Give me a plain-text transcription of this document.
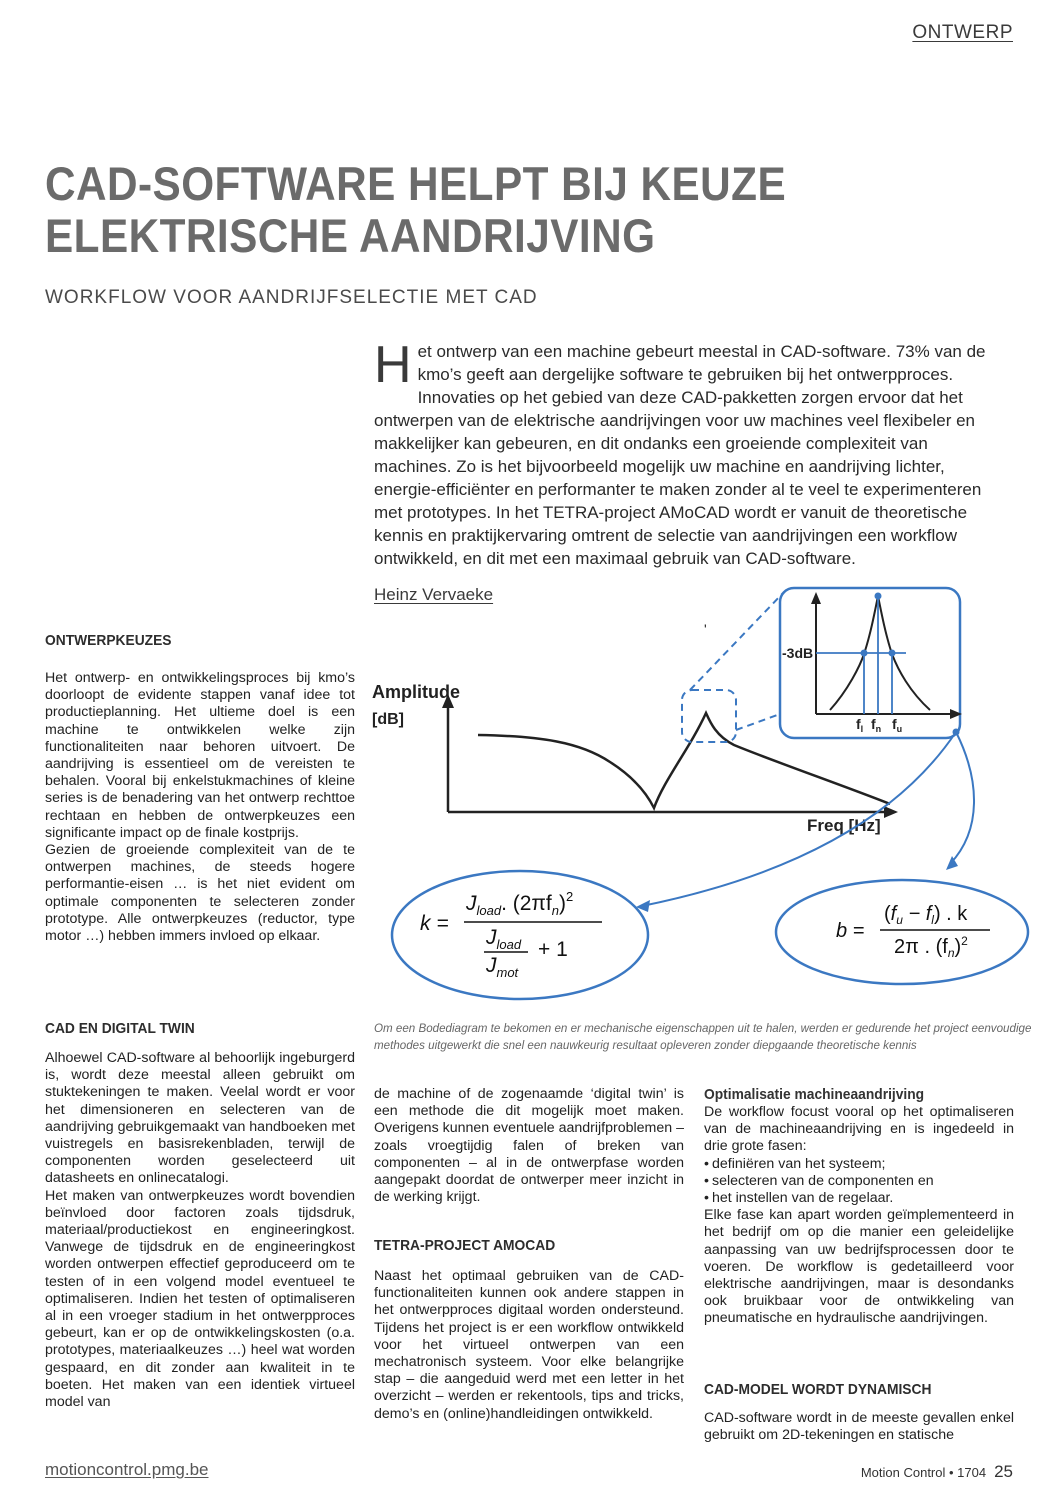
ONTWERP
CAD-SOFTWARE HELPT BIJ KEUZE
ELEKTRISCHE AANDRIJVING
WORKFLOW VOOR AANDRIJFSELECTIE MET CAD

Het ontwerp van een machine gebeurt meestal in CAD-software. 73% van de kmo’s geeft aan dergelijke software te gebruiken bij het ontwerpproces. Innovaties op het gebied van deze CAD-pakketten zorgen ervoor dat het ontwerpen van de elektrische aandrijvingen voor uw machines veel flexibeler en makkelijker kan gebeuren, en dit ondanks een groeiende complexiteit van machines. Zo is het bijvoorbeeld mogelijk uw machine en aandrijving lichter, energie-efficiënter en performanter te maken zonder al te veel te experimenteren met prototypes. In het TETRA-project AMoCAD wordt er vanuit de theoretische kennis en praktijkervaring omtrent de selectie van aandrijvingen een workflow ontwikkeld, en dit met een maximaal gebruik van CAD-software.

Heinz Vervaeke
Amplitude
[dB]
Freq [Hz]
'
-3dB
$f_l$ $f_n$ $f_u$
k =
$J_{load}$. $(2\pi f_n)^2$
$J_{load}$
$J_{mot}$
+ 1
b =
$(f_u - f_l)$ . k
2π . $(f_n)^2$
Om een Bodediagram te bekomen en er mechanische eigenschappen uit te halen, werden er gedurende het project eenvoudige methodes uitgewerkt die snel een nauwkeurig resultaat opleveren zonder diepgaande theoretische kennis
ONTWERPKEUZES

Het ontwerp- en ontwikkelingsproces bij kmo’s doorloopt de evidente stappen vanaf idee tot productieplanning. Het ultieme doel is een machine te ontwikkelen welke zijn functionaliteiten naar behoren uitvoert. De aandrijving is essentieel om de vereisten te behalen. Vooral bij enkelstukmachines of kleine series is de benadering van het ontwerp rechttoe rechtaan en hebben de ontwerpkeuzes een significante impact op de finale kostprijs.

Gezien de groeiende complexiteit van de te ontwerpen machines, de steeds hogere performantie-eisen … is het niet evident om optimale componenten te selecteren zonder prototype. Alle ontwerpkeuzes (reductor, type motor …) hebben immers invloed op elkaar.

CAD EN DIGITAL TWIN

Alhoewel CAD-software al behoorlijk ingeburgerd is, wordt deze meestal alleen gebruikt om stuktekeningen te maken. Veelal wordt er voor het dimensioneren en selecteren van de aandrijving gebruikgemaakt van handboeken met vuistregels en basisrekenbladen, terwijl de componenten worden geselecteerd uit datasheets en onlinecatalogi.

Het maken van ontwerpkeuzes wordt bovendien beïnvloed door factoren zoals tijdsdruk, materiaal/productiekost en engineeringkost. Vanwege de tijdsdruk en de engineeringkost worden ontwerpen effectief geproduceerd om te testen of in een volgend model eventueel te optimaliseren. Indien het testen of optimaliseren al in een vroeger stadium in het ontwerpproces gebeurt, kan er op de ontwikkelingskosten (o.a. prototypes, materiaalkeuzes …) heel wat worden gespaard, en dit zonder aan kwaliteit in te boeten. Het maken van een identiek virtueel model van

de machine of de zogenaamde ‘digital twin’ is een methode die dit mogelijk moet maken. Overigens kunnen eventuele aandrijfproblemen – zoals vroegtijdig falen of breken van componenten – al in de ontwerpfase worden aangepakt doordat de ontwerper meer inzicht in de werking krijgt.

TETRA-PROJECT AMOCAD

Naast het optimaal gebruiken van de CAD-functionaliteiten kunnen ook andere stappen in het ontwerpproces digitaal worden ondersteund. Tijdens het project is er een workflow ontwikkeld voor het virtueel ontwerpen van een mechatronisch systeem. Voor elke belangrijke stap – die aangeduid werd met een letter in het overzicht – werden er rekentools, tips and tricks, demo’s en (online)handleidingen ontwikkeld.

Optimalisatie machineaandrijving

De workflow focust vooral op het optimaliseren van de machineaandrijving en is ingedeeld in drie grote fasen:

• definiëren van het systeem;
• selecteren van de componenten en
• het instellen van de regelaar.

Elke fase kan apart worden geïmplementeerd in het bedrijf om op die manier een geleidelijke aanpassing van uw bedrijfsprocessen door te voeren. De workflow is gedetailleerd voor elektrische aandrijvingen, maar is desondanks ook bruikbaar voor de ontwikkeling van pneumatische en hydraulische aandrijvingen.

CAD-MODEL WORDT DYNAMISCH

CAD-software wordt in de meeste gevallen enkel gebruikt om 2D-tekeningen en statische

motioncontrol.pmg.be	Motion Control • 1704 25
